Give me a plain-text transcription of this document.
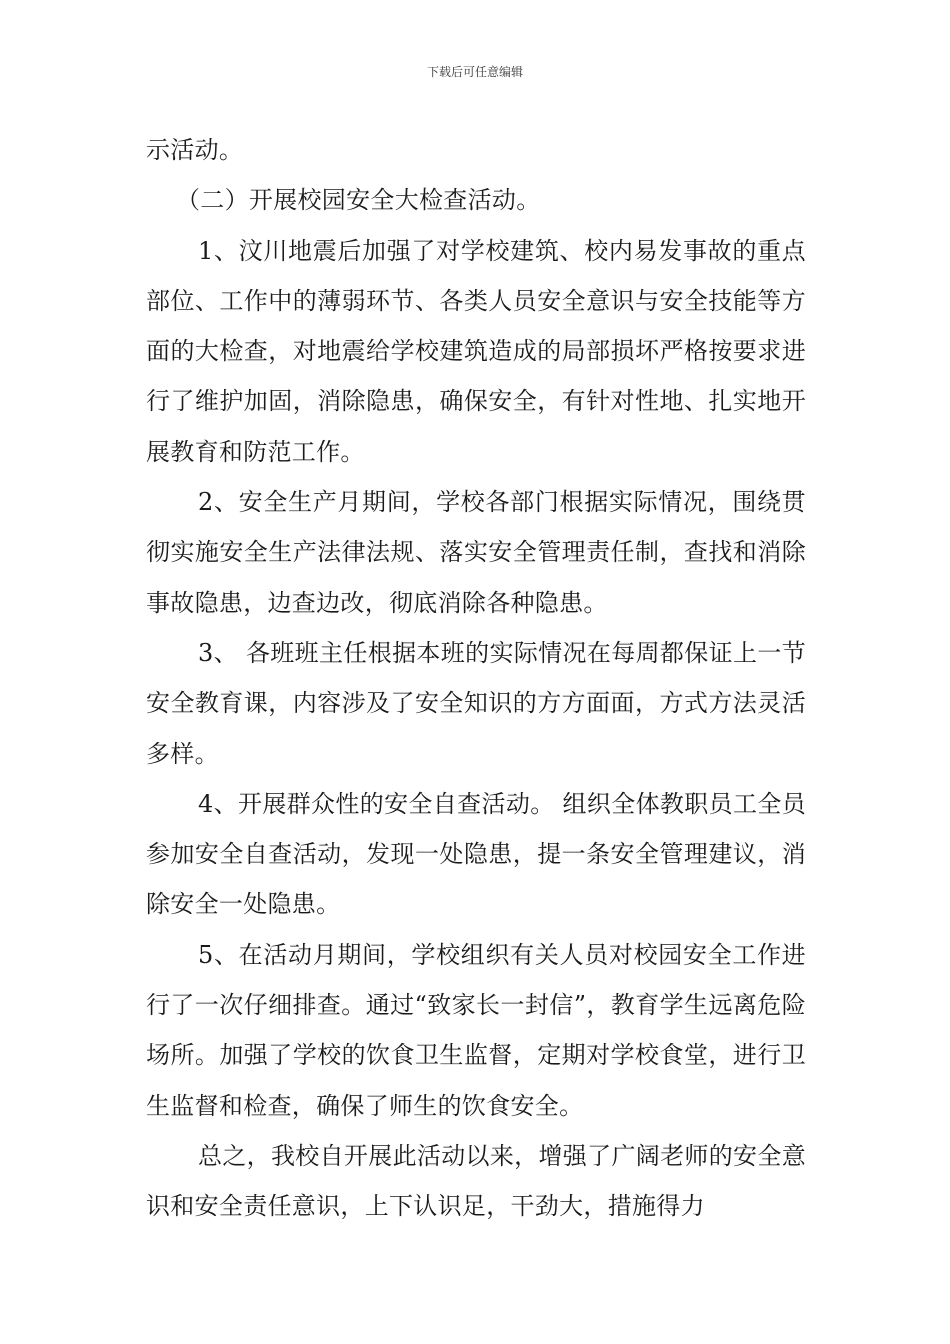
下载后可任意编辑

示活动。

（二）开展校园安全大检查活动。

1、汶川地震后加强了对学校建筑、校内易发事故的重点部位、工作中的薄弱环节、各类人员安全意识与安全技能等方面的大检查，对地震给学校建筑造成的局部损坏严格按要求进行了维护加固，消除隐患，确保安全，有针对性地、扎实地开展教育和防范工作。

2、安全生产月期间，学校各部门根据实际情况，围绕贯彻实施安全生产法律法规、落实安全管理责任制，查找和消除事故隐患，边查边改，彻底消除各种隐患。

3、 各班班主任根据本班的实际情况在每周都保证上一节安全教育课，内容涉及了安全知识的方方面面，方式方法灵活多样。

4、开展群众性的安全自查活动。 组织全体教职员工全员参加安全自查活动，发现一处隐患，提一条安全管理建议，消除安全一处隐患。

5、在活动月期间，学校组织有关人员对校园安全工作进行了一次仔细排查。通过“致家长一封信”，教育学生远离危险场所。加强了学校的饮食卫生监督，定期对学校食堂，进行卫生监督和检查，确保了师生的饮食安全。

总之，我校自开展此活动以来，增强了广阔老师的安全意识和安全责任意识，上下认识足，干劲大，措施得力
